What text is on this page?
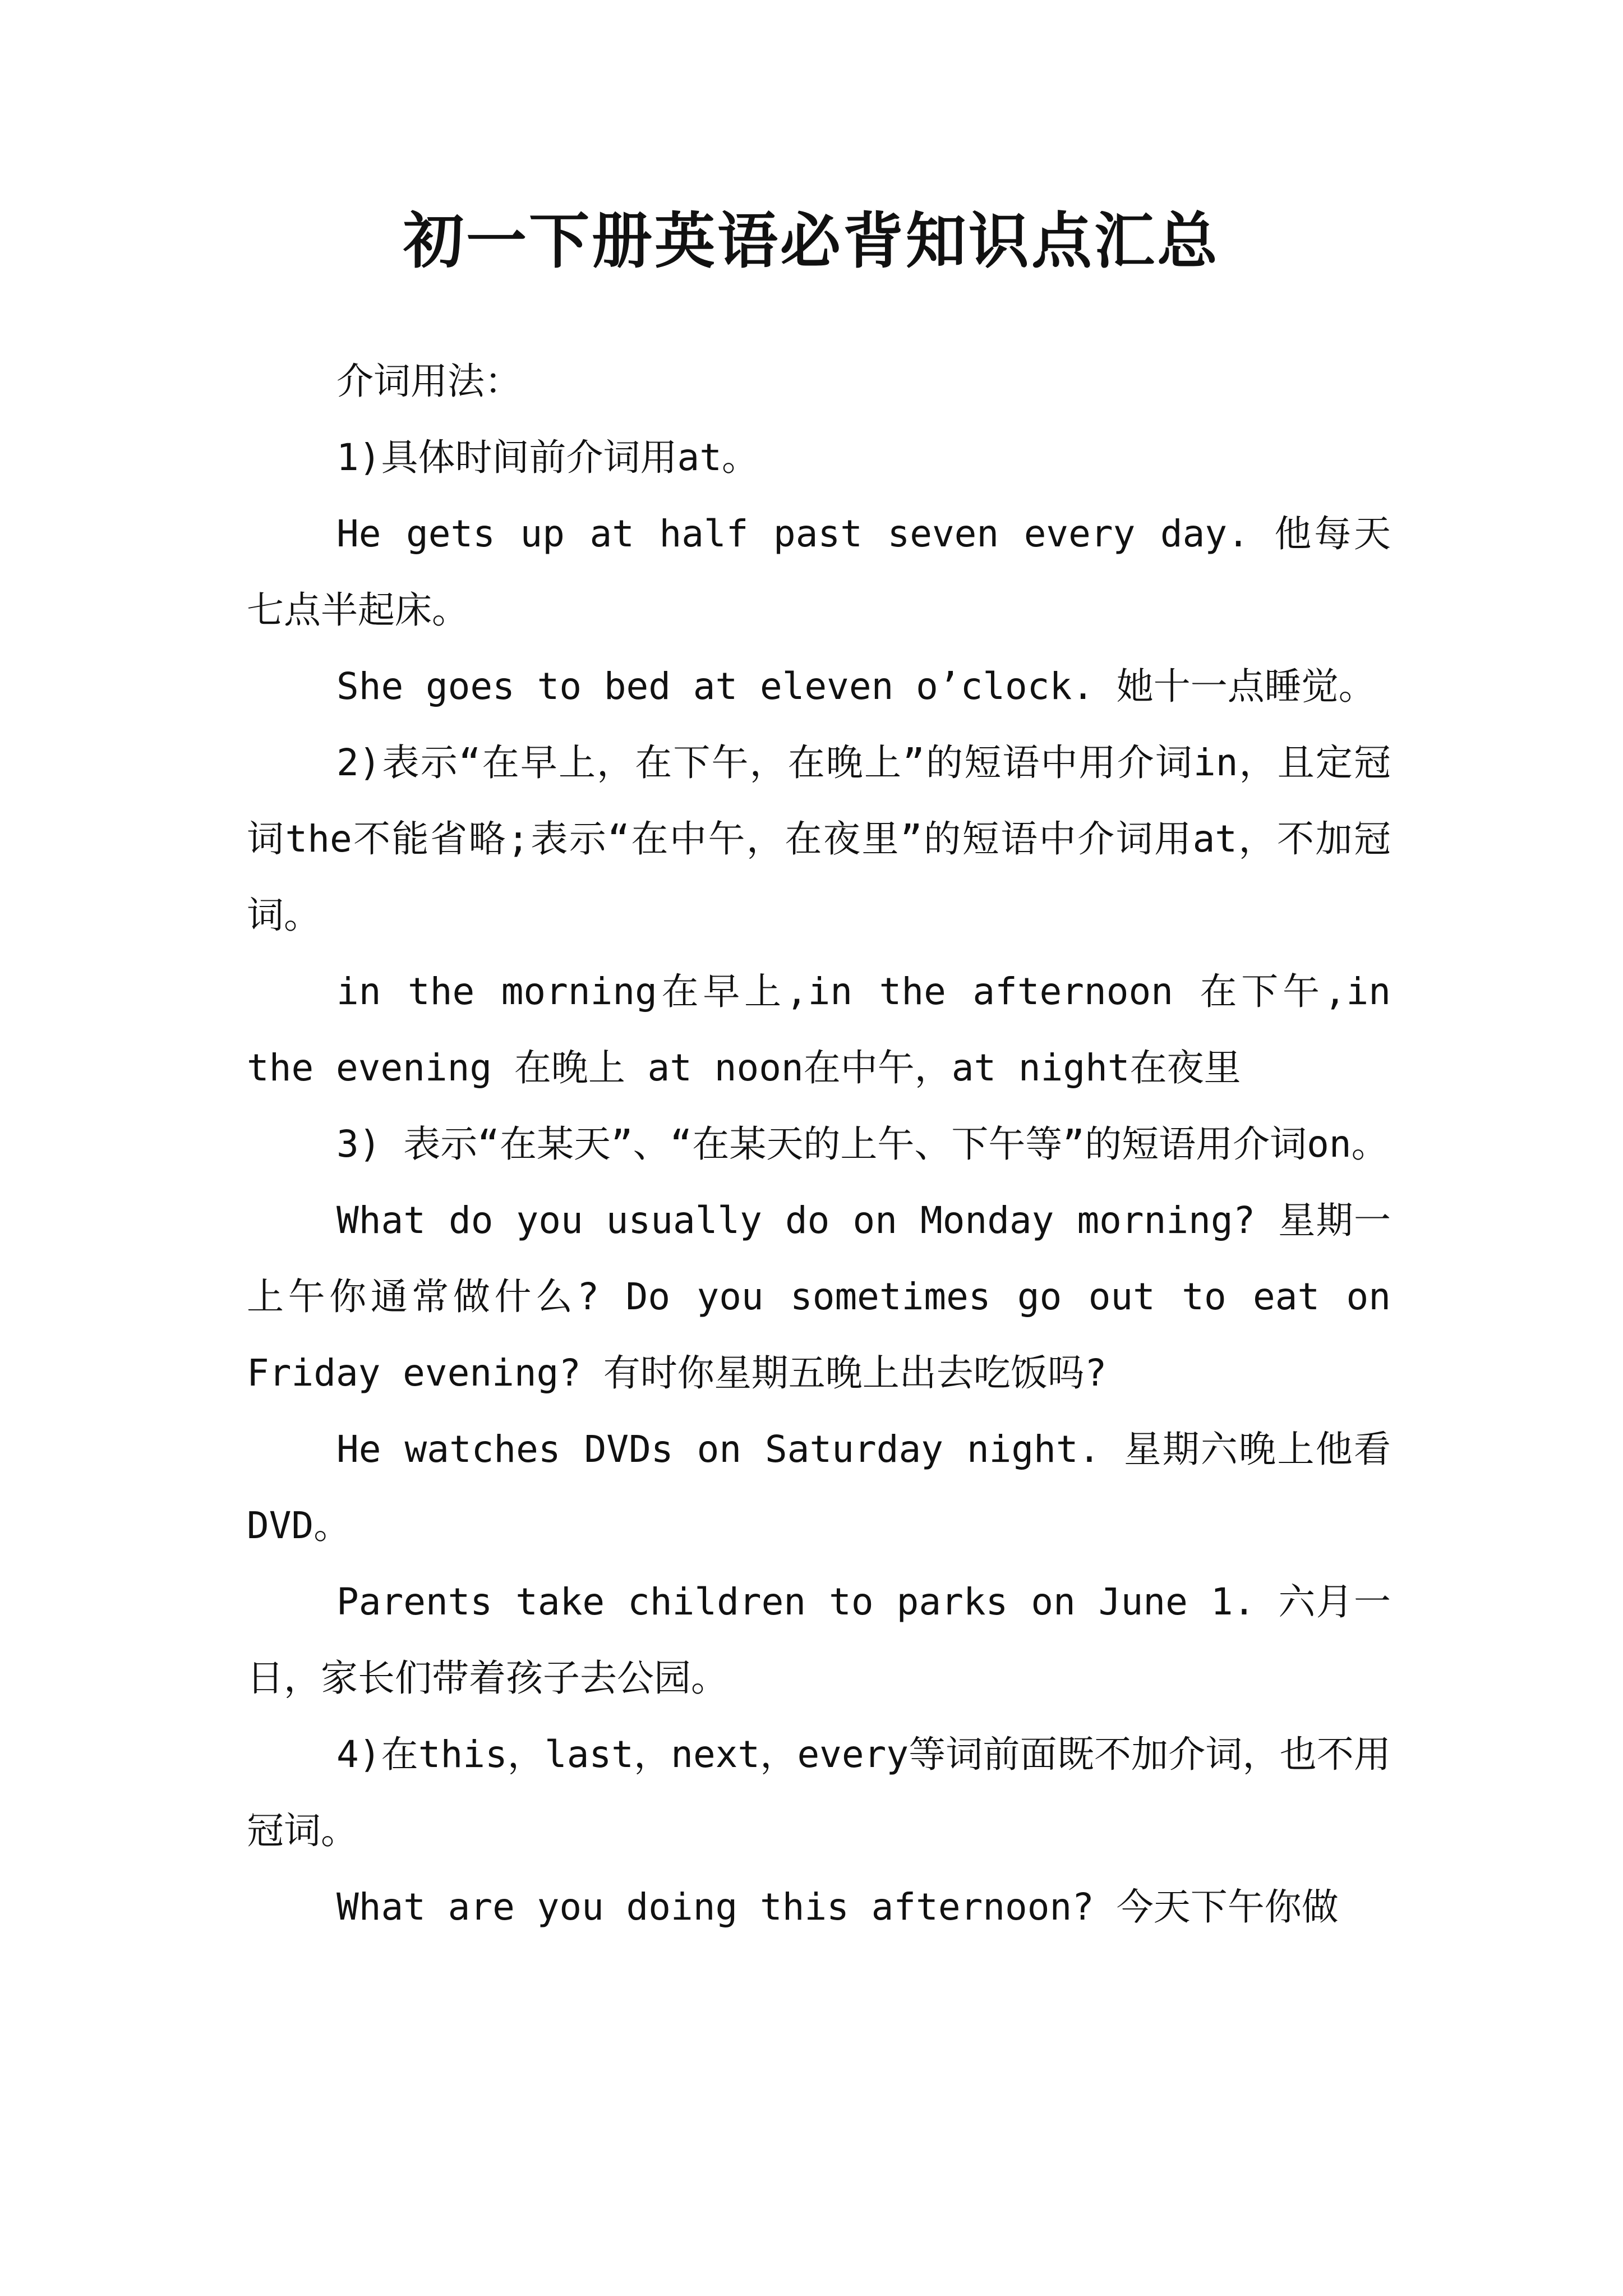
初一下册英语必背知识点汇总

介词用法：

1)具体时间前介词用at。

He gets up at half past seven every day. 他每天七点半起床。

She goes to bed at eleven o’clock. 她十一点睡觉。

2)表示“在早上，在下午，在晚上”的短语中用介词in，且定冠词the不能省略;表示“在中午，在夜里”的短语中介词用at，不加冠词。

in the morning在早上,in the afternoon 在下午,in the evening 在晚上 at noon在中午，at night在夜里

3) 表示“在某天”、“在某天的上午、下午等”的短语用介词on。

What do you usually do on Monday morning? 星期一上午你通常做什么? Do you sometimes go out to eat on Friday evening? 有时你星期五晚上出去吃饭吗?

He watches DVDs on Saturday night. 星期六晚上他看DVD。

Parents take children to parks on June 1. 六月一日，家长们带着孩子去公园。

4)在this，last，next，every等词前面既不加介词，也不用冠词。

What are you doing this afternoon? 今天下午你做
